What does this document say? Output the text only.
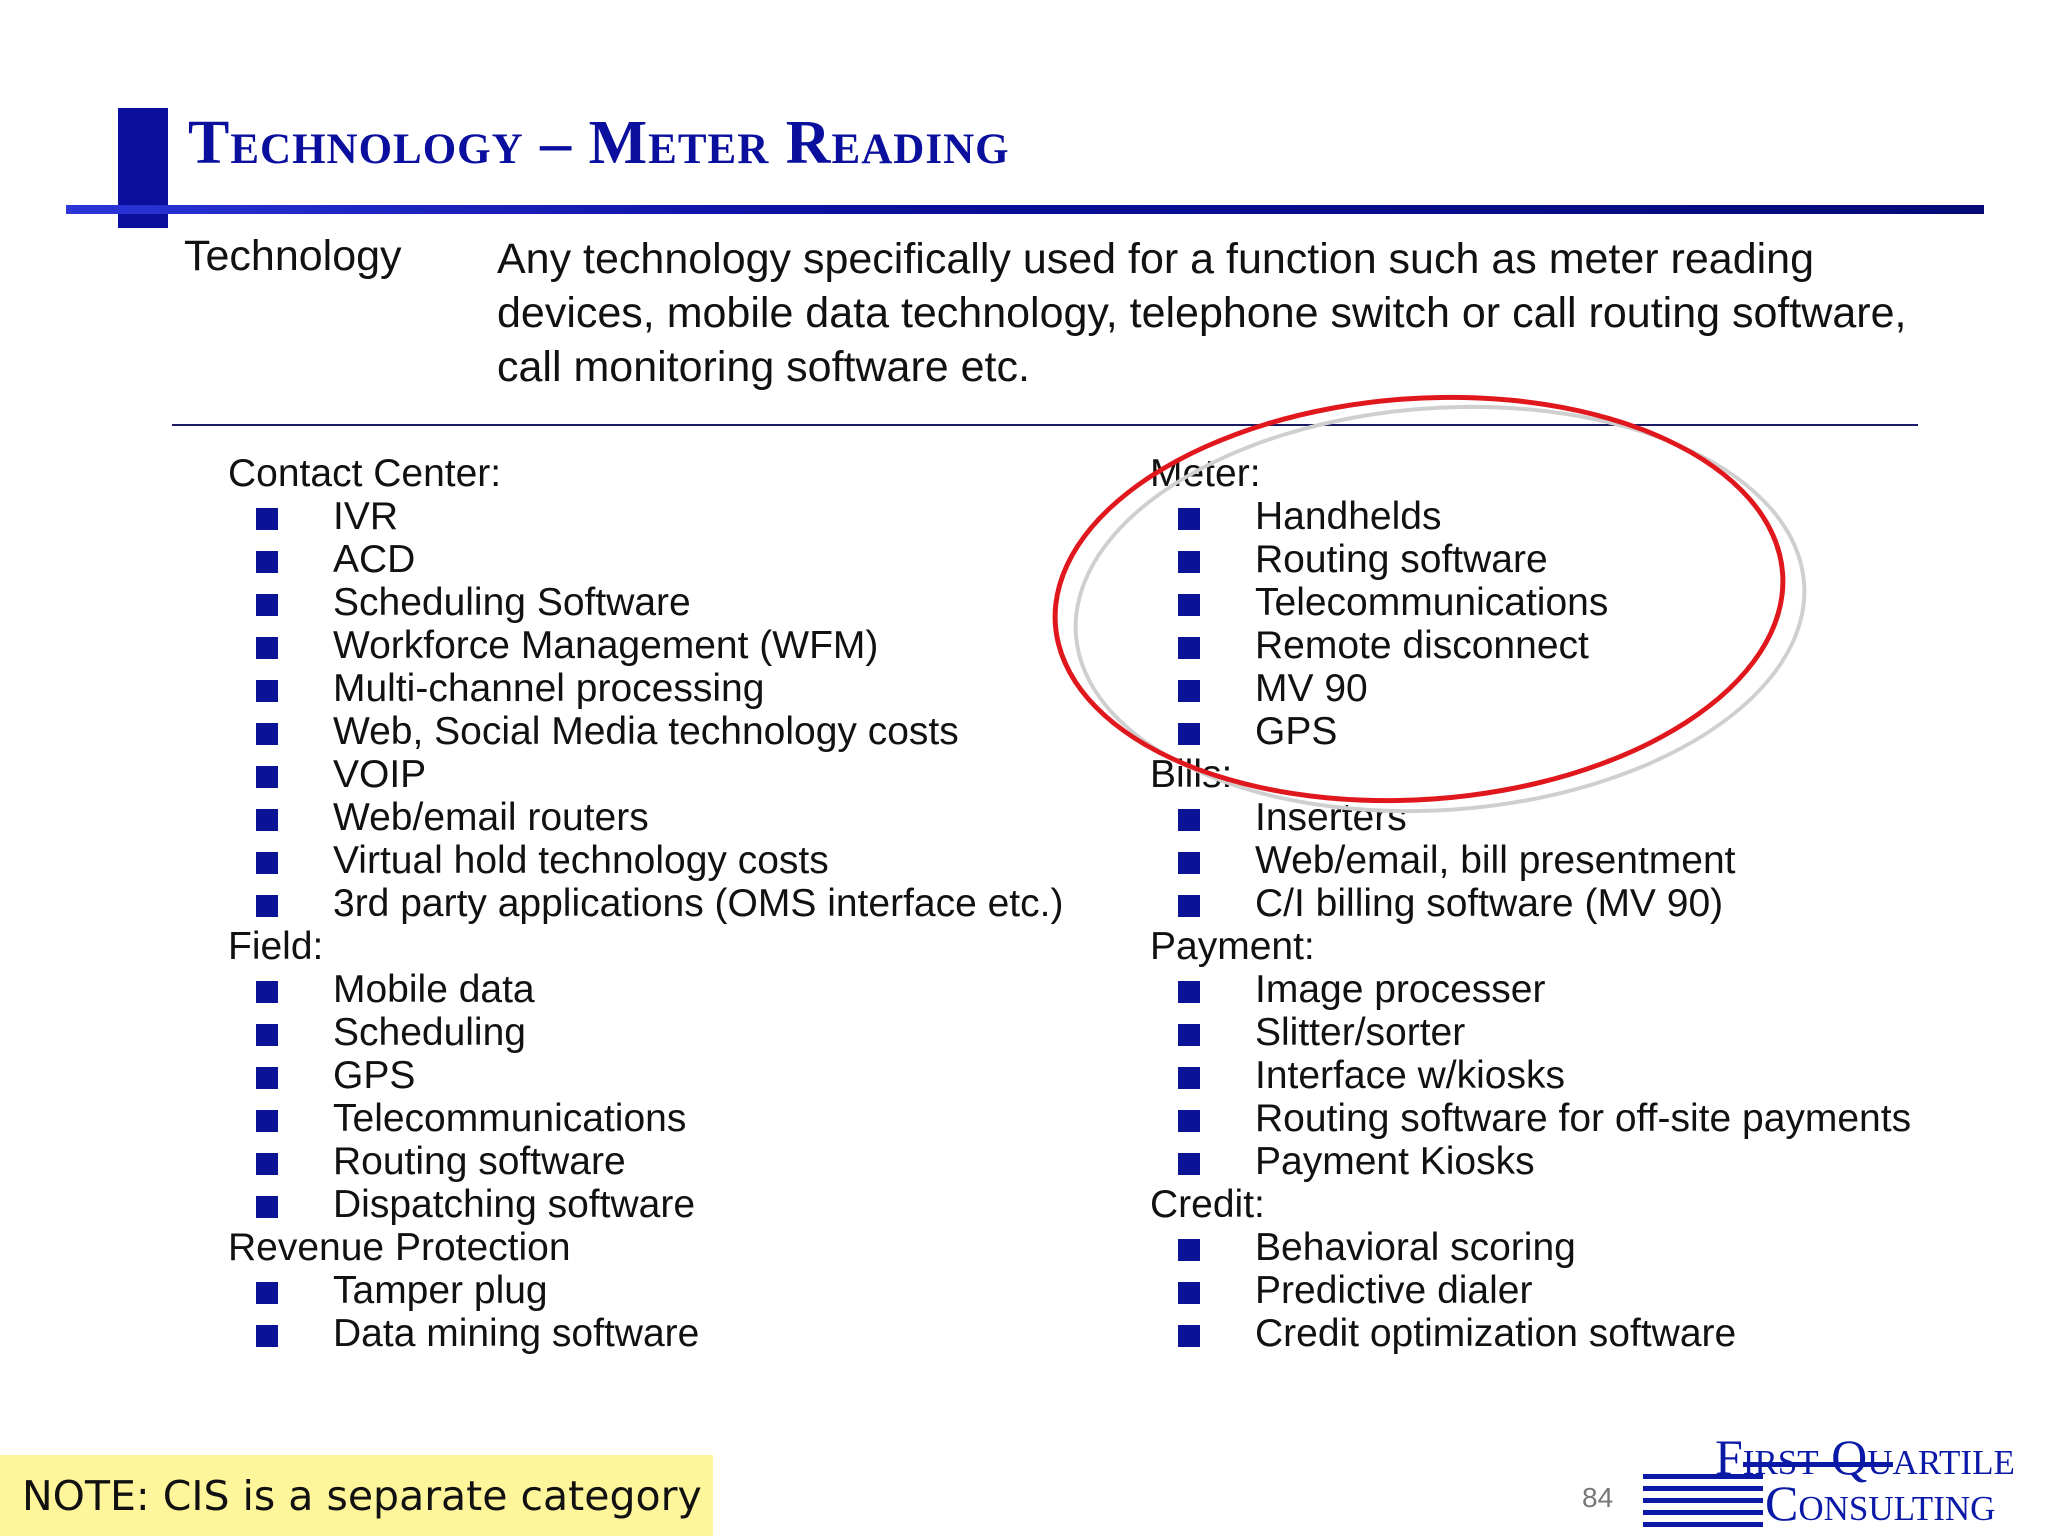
Technology – Meter Reading
Technology Any technology specifically used for a function such as meter reading devices, mobile data technology, telephone switch or call routing software, call monitoring software etc.
Contact Center:
IVR
ACD
Scheduling Software
Workforce Management (WFM)
Multi-channel processing
Web, Social Media technology costs
VOIP
Web/email routers
Virtual hold technology costs
3rd party applications (OMS interface etc.)
Field:
Mobile data
Scheduling
GPS
Telecommunications
Routing software
Dispatching software
Revenue Protection
Tamper plug
Data mining software
Meter:
Handhelds
Routing software
Telecommunications
Remote disconnect
MV 90
GPS
Bills:
Inserters
Web/email, bill presentment
C/I billing software (MV 90)
Payment:
Image processer
Slitter/sorter
Interface w/kiosks
Routing software for off-site payments
Payment Kiosks
Credit:
Behavioral scoring
Predictive dialer
Credit optimization software
NOTE: CIS is a separate category	84
First Quartile
Consulting
